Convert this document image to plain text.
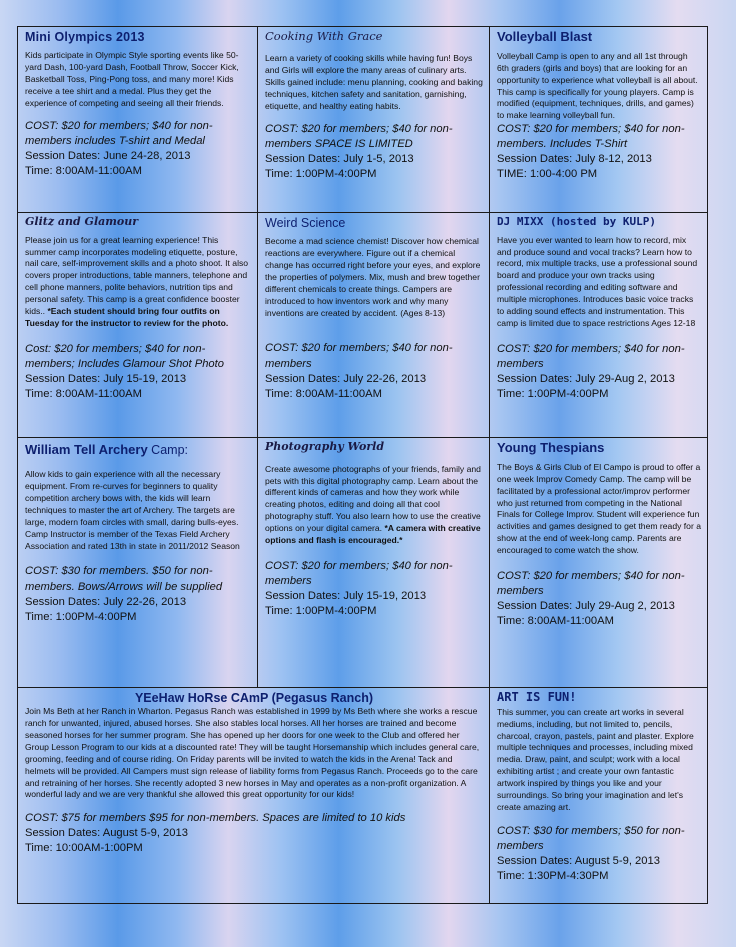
Mini Olympics 2013

Kids participate in Olympic Style sporting events like 50-yard Dash, 100-yard Dash, Football Throw, Soccer Kick, Basketball Toss, Ping-Pong toss, and many more! Kids receive a tee shirt and a medal. Plus they get the experience of competing and seeing all their friends.

COST: $20 for members; $40 for non-members includes T-shirt and Medal

Session Dates: June 24-28, 2013

Time: 8:00AM-11:00AM

Cooking With Grace

Learn a variety of cooking skills while having fun! Boys and Girls will explore the many areas of culinary arts. Skills gained include: menu planning, cooking and baking techniques, kitchen safety and sanitation, garnishing, etiquette, and healthy eating habits.

COST: $20 for members; $40 for non-members SPACE IS LIMITED

Session Dates: July 1-5, 2013

Time: 1:00PM-4:00PM

Volleyball Blast

Volleyball Camp is open to any and all 1st through 6th graders (girls and boys) that are looking for an opportunity to experience what volleyball is all about. This camp is specifically for young players. Camp is modified (equipment, techniques, drills, and games) to make learning volleyball fun.

COST: $20 for members; $40 for non-members. Includes T-Shirt

Session Dates: July 8-12, 2013

TIME: 1:00-4:00 PM

Glitz and Glamour

Please join us for a great learning experience! This summer camp incorporates modeling etiquette, posture, nail care, self-improvement skills and a photo shoot. It also covers proper introductions, table manners, telephone and cell phone manners, polite behaviors, nutrition tips and personal safety. This camp is a great confidence booster kids.. *Each student should bring four outfits on Tuesday for the instructor to review for the photo.

Cost: $20 for members; $40 for non-members; Includes Glamour Shot Photo

Session Dates: July 15-19, 2013

Time: 8:00AM-11:00AM

Weird Science

Become a mad science chemist! Discover how chemical reactions are everywhere. Figure out if a chemical change has occurred right before your eyes, and explore the properties of polymers. Mix, mush and brew together different chemicals to create things. Campers are introduced to how inventors work and why many inventions are created by accident. (Ages 8-13)

COST: $20 for members; $40 for non-members

Session Dates: July 22-26, 2013

Time: 8:00AM-11:00AM

DJ MIXX (hosted by KULP)

Have you ever wanted to learn how to record, mix and produce sound and vocal tracks? Learn how to record, mix multiple tracks, use a professional sound board and produce your own tracks using professional recording and editing software and multiple microphones. Introduces basic voice tracks to adding sound effects and instrumentation. This camp is limited due to space restrictions Ages 12-18

COST: $20 for members; $40 for non-members

Session Dates: July 29-Aug 2, 2013

Time: 1:00PM-4:00PM

William Tell Archery Camp:

Allow kids to gain experience with all the necessary equipment. From re-curves for beginners to quality competition archery bows with, the kids will learn techniques to master the art of Archery. The targets are large, modern foam circles with small, daring bulls-eyes. Camp Instructor is member of the Texas Field Archery Association and rated 13th in state in 2011/2012 Season

COST: $30 for members. $50 for non-members. Bows/Arrows will be supplied

Session Dates: July 22-26, 2013

Time: 1:00PM-4:00PM

Photography World

Create awesome photographs of your friends, family and pets with this digital photography camp. Learn about the different kinds of cameras and how they work while creating photos, editing and doing all that cool photography stuff. You also learn how to use the creative options on your digital camera. *A camera with creative options and flash is encouraged.*

COST: $20 for members; $40 for non-members

Session Dates: July 15-19, 2013

Time: 1:00PM-4:00PM

Young Thespians

The Boys & Girls Club of El Campo is proud to offer a one week Improv Comedy Camp. The camp will be facilitated by a professional actor/improv performer who just returned from competing in the National Finals for College Improv. Student will experience fun activities and games designed to get them ready for a show at the end of week-long camp. Parents are encouraged to come watch the show.

COST: $20 for members; $40 for non-members

Session Dates: July 29-Aug 2, 2013

Time: 8:00AM-11:00AM

YEeHaw HoRse CAmP (Pegasus Ranch)

Join Ms Beth at her Ranch in Wharton. Pegasus Ranch was established in 1999 by Ms Beth where she works a rescue ranch for unwanted, injured, abused horses. She also stables local horses. All her horses are trained and become seasoned horses for her summer program. She has opened up her doors for one week to the Club and offered her Group Lesson Program to our kids at a discounted rate! They will be taught Horsemanship which includes general care, grooming, feeding and of course riding. On Friday parents will be invited to watch the kids in the Arena! Tack and helmets will be provided. All Campers must sign release of liability forms from Pegasus Ranch. Proceeds go to the care and retraining of her horses. She recently adopted 3 new horses in May and operates as a non-profit organization. A wonderful lady and we are very thankful she allowed this great opportunity for our kids!

COST: $75 for members $95 for non-members. Spaces are limited to 10 kids

Session Dates: August 5-9, 2013

Time: 10:00AM-1:00PM

ART IS FUN!

This summer, you can create art works in several mediums, including, but not limited to, pencils, charcoal, crayon, pastels, paint and plaster. Explore multiple techniques and processes, including mixed media. Draw, paint, and sculpt; work with a local exhibiting artist ; and create your own fantastic artwork inspired by things you like and your surroundings. So bring your imagination and let's create amazing art.

COST: $30 for members; $50 for non-members

Session Dates: August 5-9, 2013

Time: 1:30PM-4:30PM
